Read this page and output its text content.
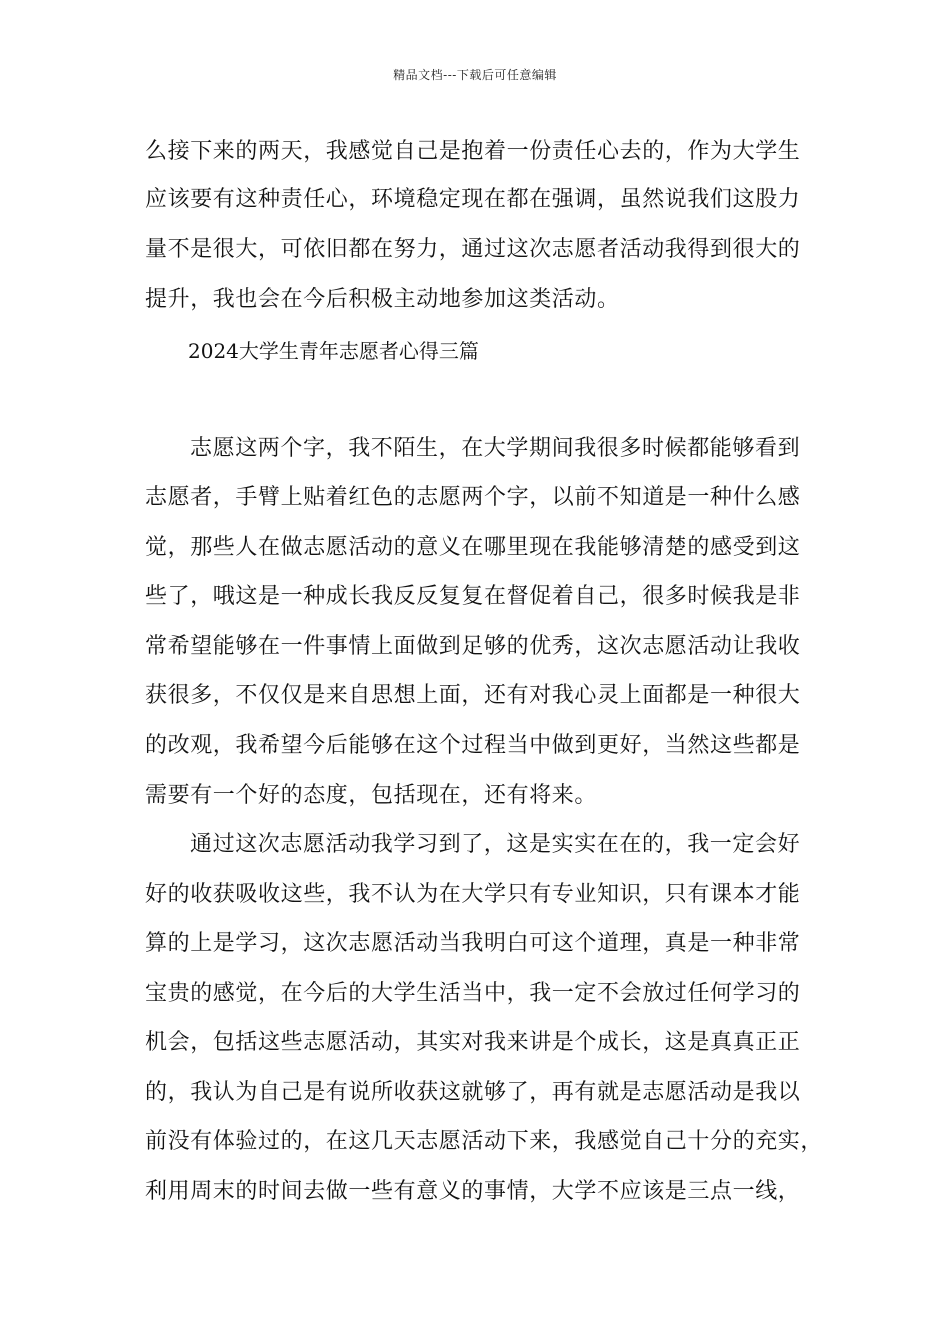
精品文档---下载后可任意编辑
么接下来的两天，我感觉自己是抱着一份责任心去的，作为大学生
应该要有这种责任心，环境稳定现在都在强调，虽然说我们这股力
量不是很大，可依旧都在努力，通过这次志愿者活动我得到很大的
提升，我也会在今后积极主动地参加这类活动。
2024大学生青年志愿者心得三篇
志愿这两个字，我不陌生，在大学期间我很多时候都能够看到
志愿者，手臂上贴着红色的志愿两个字，以前不知道是一种什么感
觉，那些人在做志愿活动的意义在哪里现在我能够清楚的感受到这
些了，哦这是一种成长我反反复复在督促着自己，很多时候我是非
常希望能够在一件事情上面做到足够的优秀，这次志愿活动让我收
获很多，不仅仅是来自思想上面，还有对我心灵上面都是一种很大
的改观，我希望今后能够在这个过程当中做到更好，当然这些都是
需要有一个好的态度，包括现在，还有将来。
通过这次志愿活动我学习到了，这是实实在在的，我一定会好
好的收获吸收这些，我不认为在大学只有专业知识，只有课本才能
算的上是学习，这次志愿活动当我明白可这个道理，真是一种非常
宝贵的感觉，在今后的大学生活当中，我一定不会放过任何学习的
机会，包括这些志愿活动，其实对我来讲是个成长，这是真真正正
的，我认为自己是有说所收获这就够了，再有就是志愿活动是我以
前没有体验过的，在这几天志愿活动下来，我感觉自己十分的充实，
利用周末的时间去做一些有意义的事情，大学不应该是三点一线，
